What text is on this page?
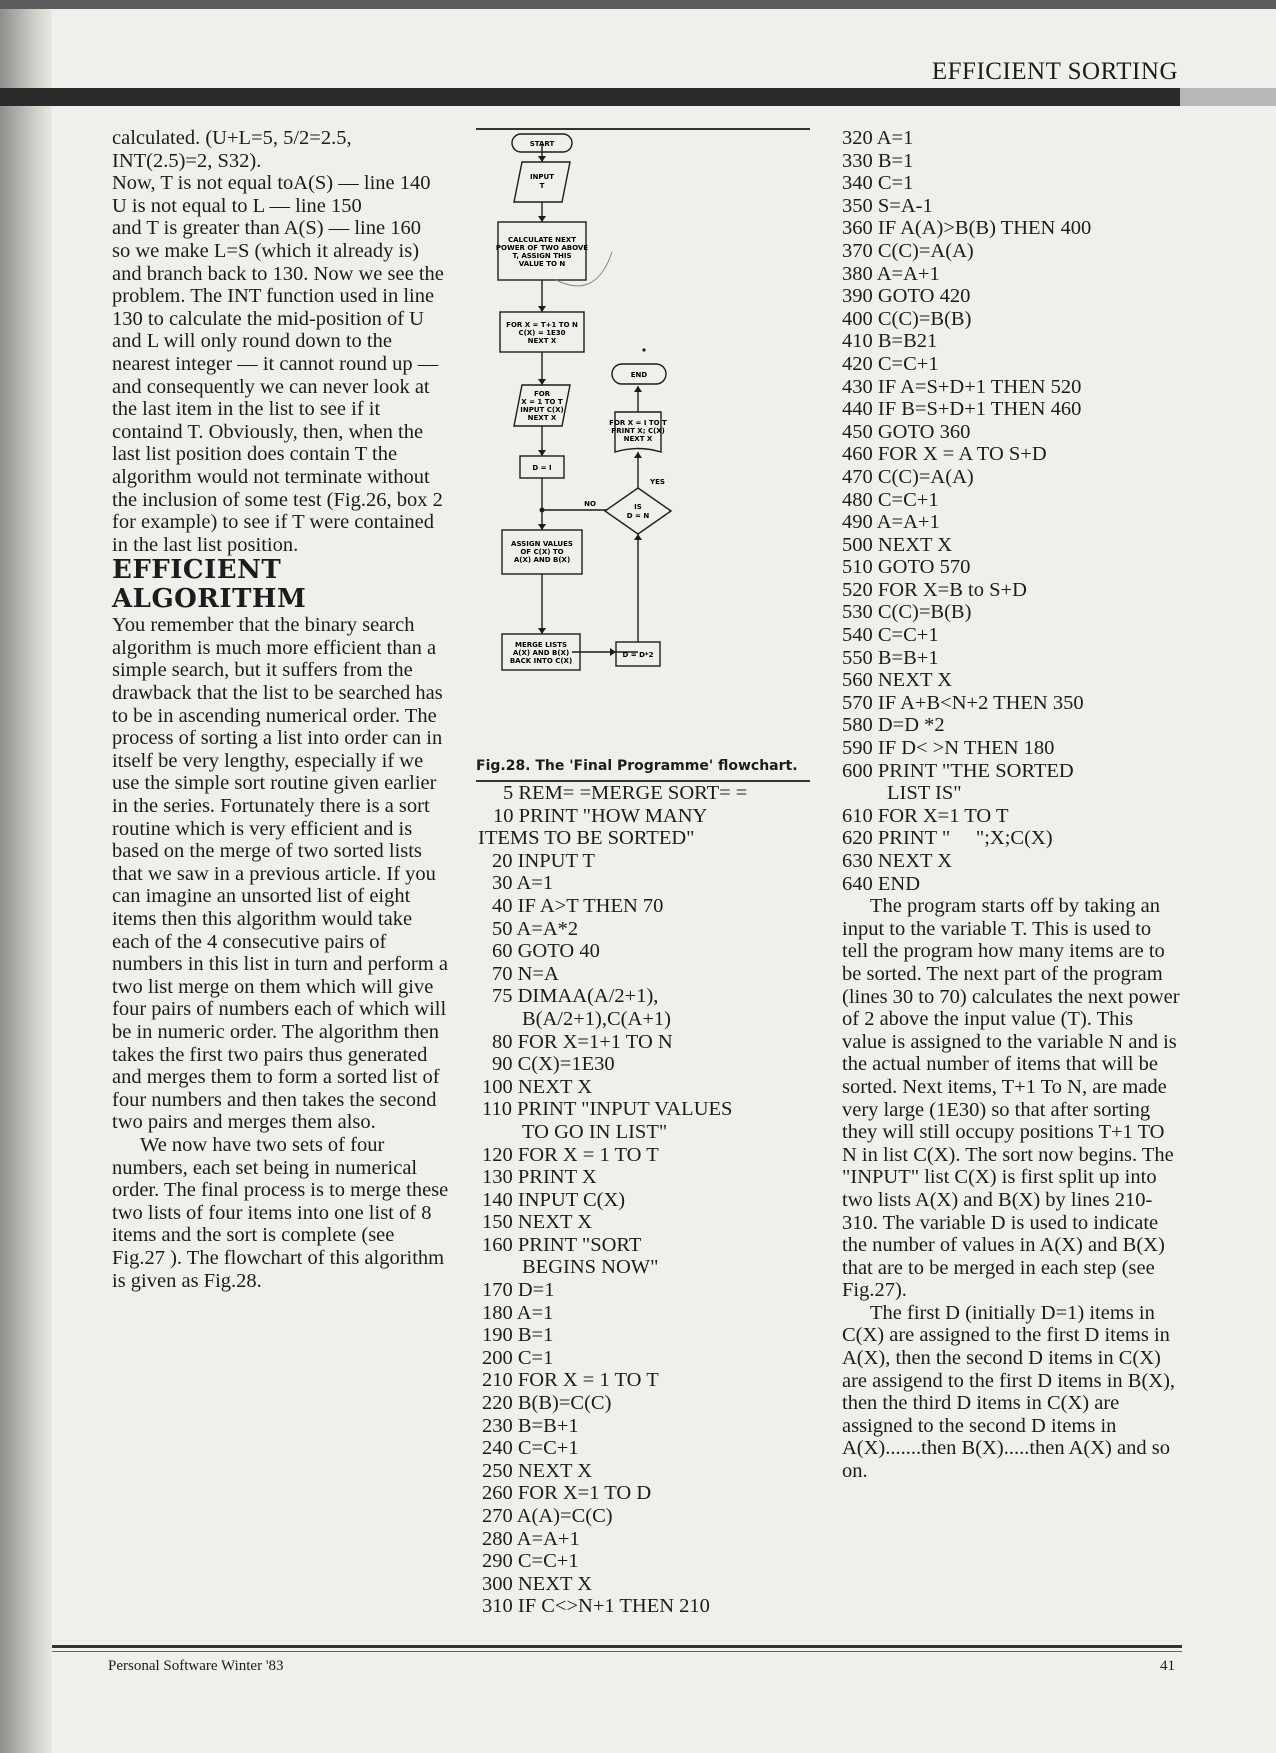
EFFICIENT SORTING

calculated. (U+L=5, 5/2=2.5, INT(2.5)=2, S32).

Now, T is not equal toA(S) — line 140

U is not equal to L — line 150

and T is greater than A(S) — line 160

so we make L=S (which it already is) and branch back to 130. Now we see the problem. The INT function used in line 130 to calculate the mid-position of U and L will only round down to the nearest integer — it cannot round up — and consequently we can never look at the last item in the list to see if it containd T. Obviously, then, when the last list position does contain T the algorithm would not terminate without the inclusion of some test (Fig.26, box 2 for example) to see if T were contained in the last list position.

EFFICIENT

ALGORITHM

You remember that the binary search algorithm is much more efficient than a simple search, but it suffers from the drawback that the list to be searched has to be in ascending numerical order. The process of sorting a list into order can in itself be very lengthy, especially if we use the simple sort routine given earlier in the series. Fortunately there is a sort routine which is very efficient and is based on the merge of two sorted lists that we saw in a previous article. If you can imagine an unsorted list of eight items then this algorithm would take each of the 4 consecutive pairs of numbers in this list in turn and perform a two list merge on them which will give four pairs of numbers each of which will be in numeric order. The algorithm then takes the first two pairs thus generated and merges them to form a sorted list of four numbers and then takes the second two pairs and merges them also.

We now have two sets of four numbers, each set being in numerical order. The final process is to merge these two lists of four items into one list of 8 items and the sort is complete (see Fig.27 ). The flowchart of this algorithm is given as Fig.28.

START
INPUT
T
CALCULATE NEXT
POWER OF TWO ABOVE
T, ASSIGN THIS
VALUE TO N
FOR X = T+1 TO N
C(X) = 1E30
NEXT X
FOR
X = 1 TO T
INPUT C(X)
NEXT X
D = I
ASSIGN VALUES
OF C(X) TO
A(X) AND B(X)
MERGE LISTS
A(X) AND B(X)
BACK INTO C(X)
D = D*2
IS
D = N
NO
YES
FOR X = I TO T
PRINT X; C(X)
NEXT X
END
Fig.28. The 'Final Programme' flowchart.

5 REM= =MERGE SORT= =

10 PRINT "HOW MANY

ITEMS TO BE SORTED"

20 INPUT T

30 A=1

40 IF A>T THEN 70

50 A=A*2

60 GOTO 40

70 N=A

75 DIMAA(A/2+1),

B(A/2+1),C(A+1)

80 FOR X=1+1 TO N

90 C(X)=1E30

100 NEXT X

110 PRINT "INPUT VALUES

TO GO IN LIST"

120 FOR X = 1 TO T

130 PRINT X

140 INPUT C(X)

150 NEXT X

160 PRINT "SORT

BEGINS NOW"

170 D=1

180 A=1

190 B=1

200 C=1

210 FOR X = 1 TO T

220 B(B)=C(C)

230 B=B+1

240 C=C+1

250 NEXT X

260 FOR X=1 TO D

270 A(A)=C(C)

280 A=A+1

290 C=C+1

300 NEXT X

310 IF C<>N+1 THEN 210

320 A=1

330 B=1

340 C=1

350 S=A-1

360 IF A(A)>B(B) THEN 400

370 C(C)=A(A)

380 A=A+1

390 GOTO 420

400 C(C)=B(B)

410 B=B21

420 C=C+1

430 IF A=S+D+1 THEN 520

440 IF B=S+D+1 THEN 460

450 GOTO 360

460 FOR X = A TO S+D

470 C(C)=A(A)

480 C=C+1

490 A=A+1

500 NEXT X

510 GOTO 570

520 FOR X=B to S+D

530 C(C)=B(B)

540 C=C+1

550 B=B+1

560 NEXT X

570 IF A+B<N+2 THEN 350

580 D=D *2

590 IF D< >N THEN 180

600 PRINT "THE SORTED

LIST IS"

610 FOR X=1 TO T

620 PRINT "     ";X;C(X)

630 NEXT X

640 END

The program starts off by taking an input to the variable T. This is used to tell the program how many items are to be sorted. The next part of the program (lines 30 to 70) calculates the next power of 2 above the input value (T). This value is assigned to the variable N and is the actual number of items that will be sorted. Next items, T+1 To N, are made very large (1E30) so that after sorting they will still occupy positions T+1 TO N in list C(X). The sort now begins. The "INPUT" list C(X) is first split up into two lists A(X) and B(X) by lines 210-310. The variable D is used to indicate the number of values in A(X) and B(X) that are to be merged in each step (see Fig.27).

The first D (initially D=1) items in C(X) are assigned to the first D items in A(X), then the second D items in C(X) are assigend to the first D items in B(X), then the third D items in C(X) are assigned to the second D items in A(X).......then B(X).....then A(X) and so on.

Personal Software Winter '83	41
